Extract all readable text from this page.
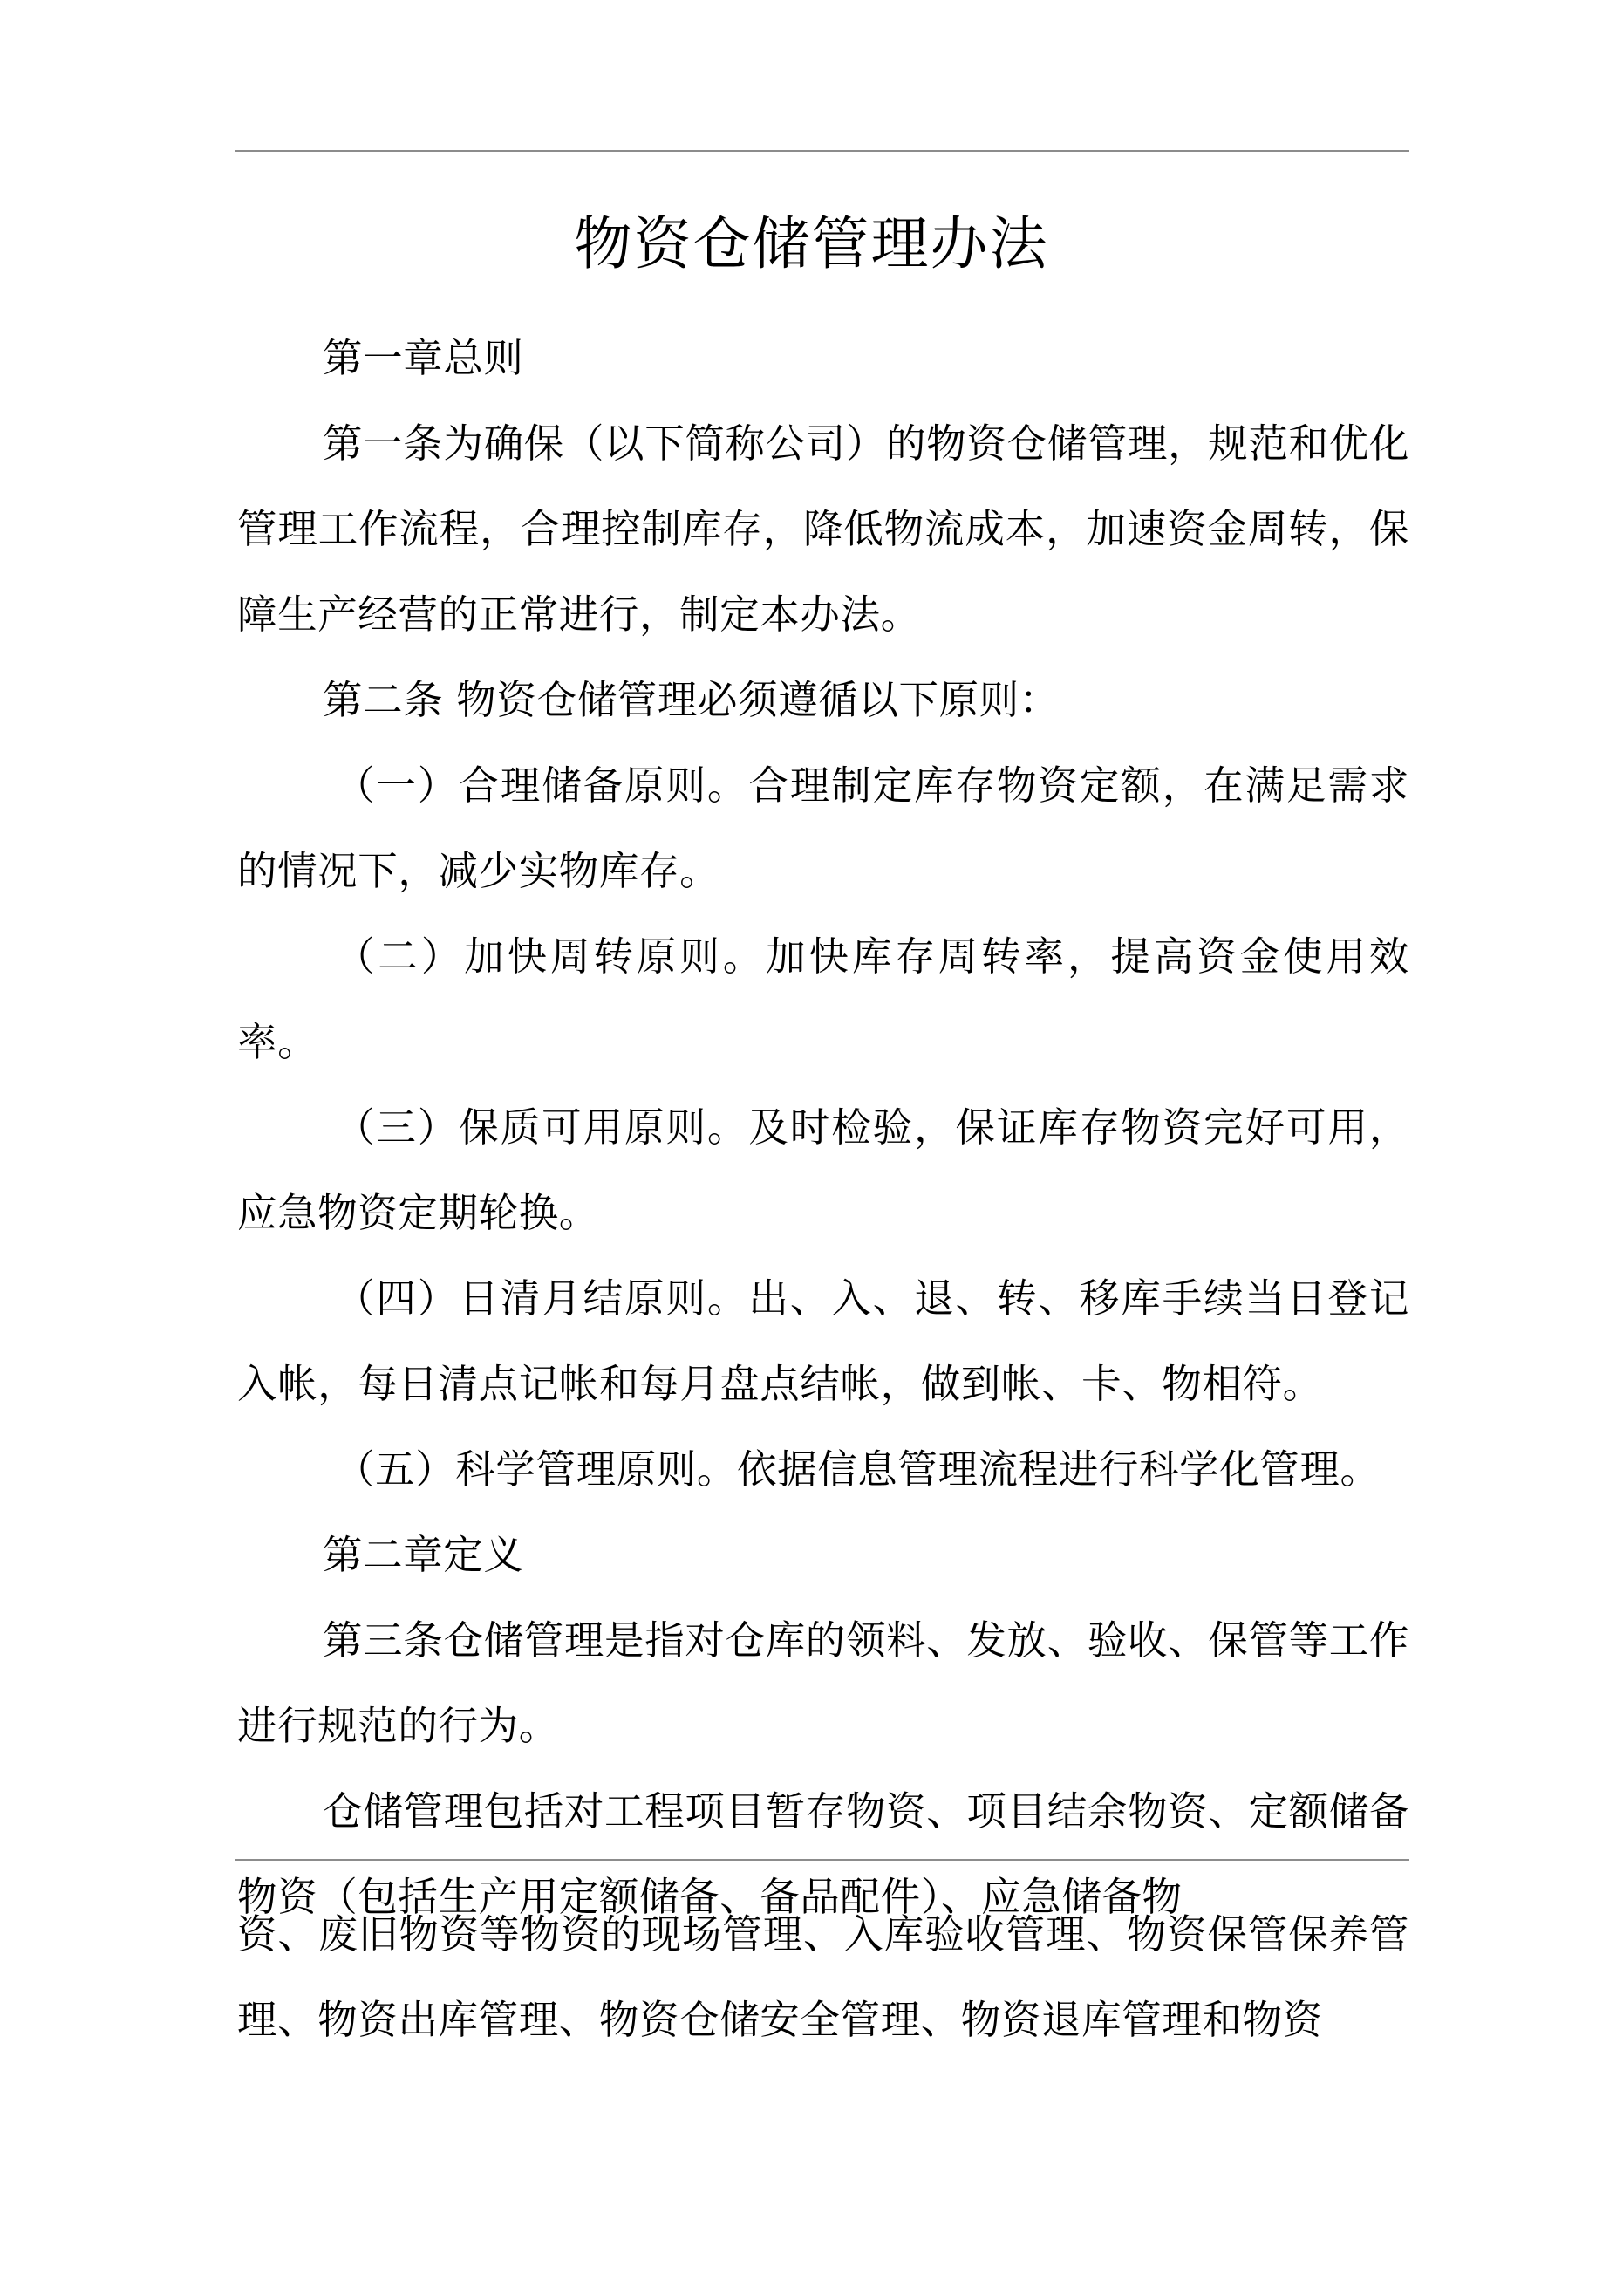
物资仓储管理办法

第一章总则

第一条为确保（以下简称公司）的物资仓储管理，规范和优化管理工作流程，合理控制库存，降低物流成本，加速资金周转，保障生产经营的正常进行，制定本办法。

第二条 物资仓储管理必须遵循以下原则：

（一）合理储备原则。合理制定库存物资定额，在满足需求的情况下，减少实物库存。

（二）加快周转原则。加快库存周转率，提高资金使用效率。

（三）保质可用原则。及时检验，保证库存物资完好可用，应急物资定期轮换。

（四）日清月结原则。出、入、退、转、移库手续当日登记入帐，每日清点记帐和每月盘点结帐，做到帐、卡、物相符。

（五）科学管理原则。依据信息管理流程进行科学化管理。

第二章定义

第三条仓储管理是指对仓库的领料、发放、验收、保管等工作进行规范的行为。

仓储管理包括对工程项目暂存物资、项目结余物资、定额储备物资（包括生产用定额储备、备品配件）、应急储备物

资、废旧物资等物资的现场管理、入库验收管理、物资保管保养管理、物资出库管理、物资仓储安全管理、物资退库管理和物资
